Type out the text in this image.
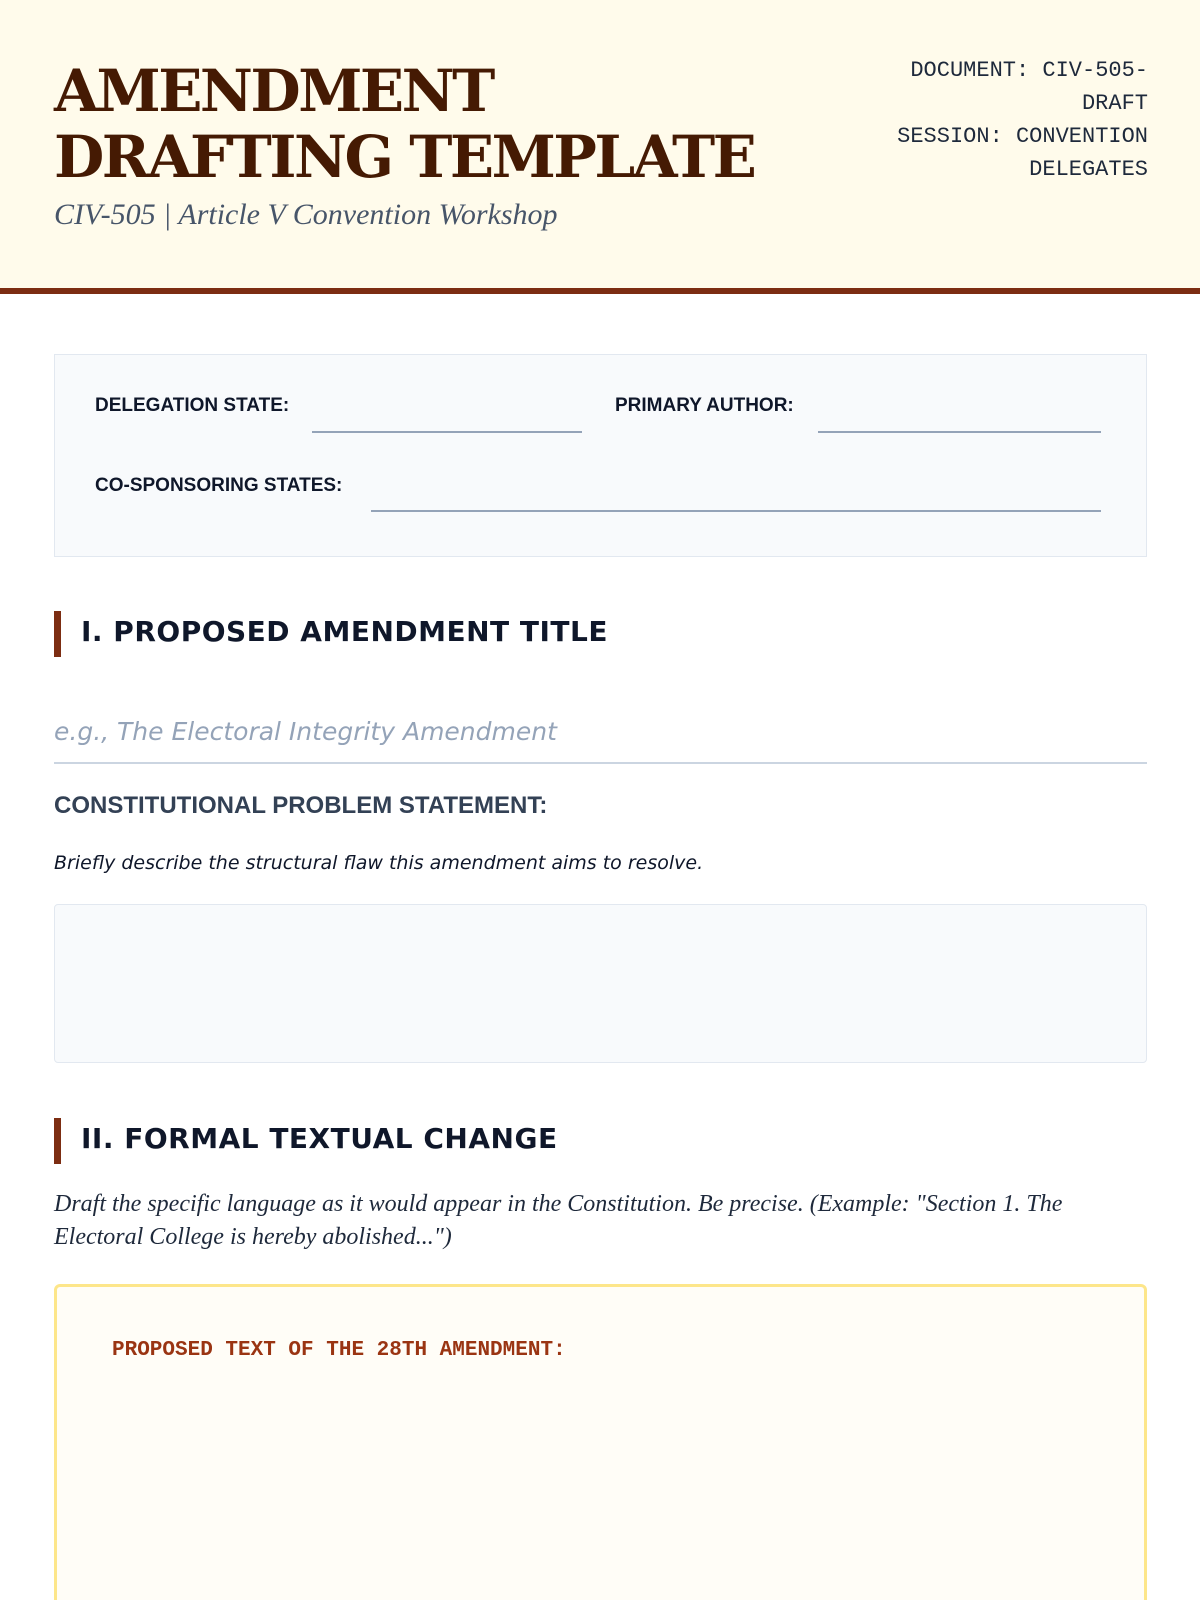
AMENDMENT DRAFTING TEMPLATE
CIV-505 | Article V Convention Workshop
DOCUMENT: CIV-505-DRAFT
SESSION: CONVENTION DELEGATES
DELEGATION STATE:	PRIMARY AUTHOR:
CO-SPONSORING STATES:
I. PROPOSED AMENDMENT TITLE
e.g., The Electoral Integrity Amendment
CONSTITUTIONAL PROBLEM STATEMENT:
Briefly describe the structural flaw this amendment aims to resolve.
II. FORMAL TEXTUAL CHANGE
Draft the specific language as it would appear in the Constitution. Be precise. (Example: "Section 1. The Electoral College is hereby abolished...")
PROPOSED TEXT OF THE 28TH AMENDMENT:
